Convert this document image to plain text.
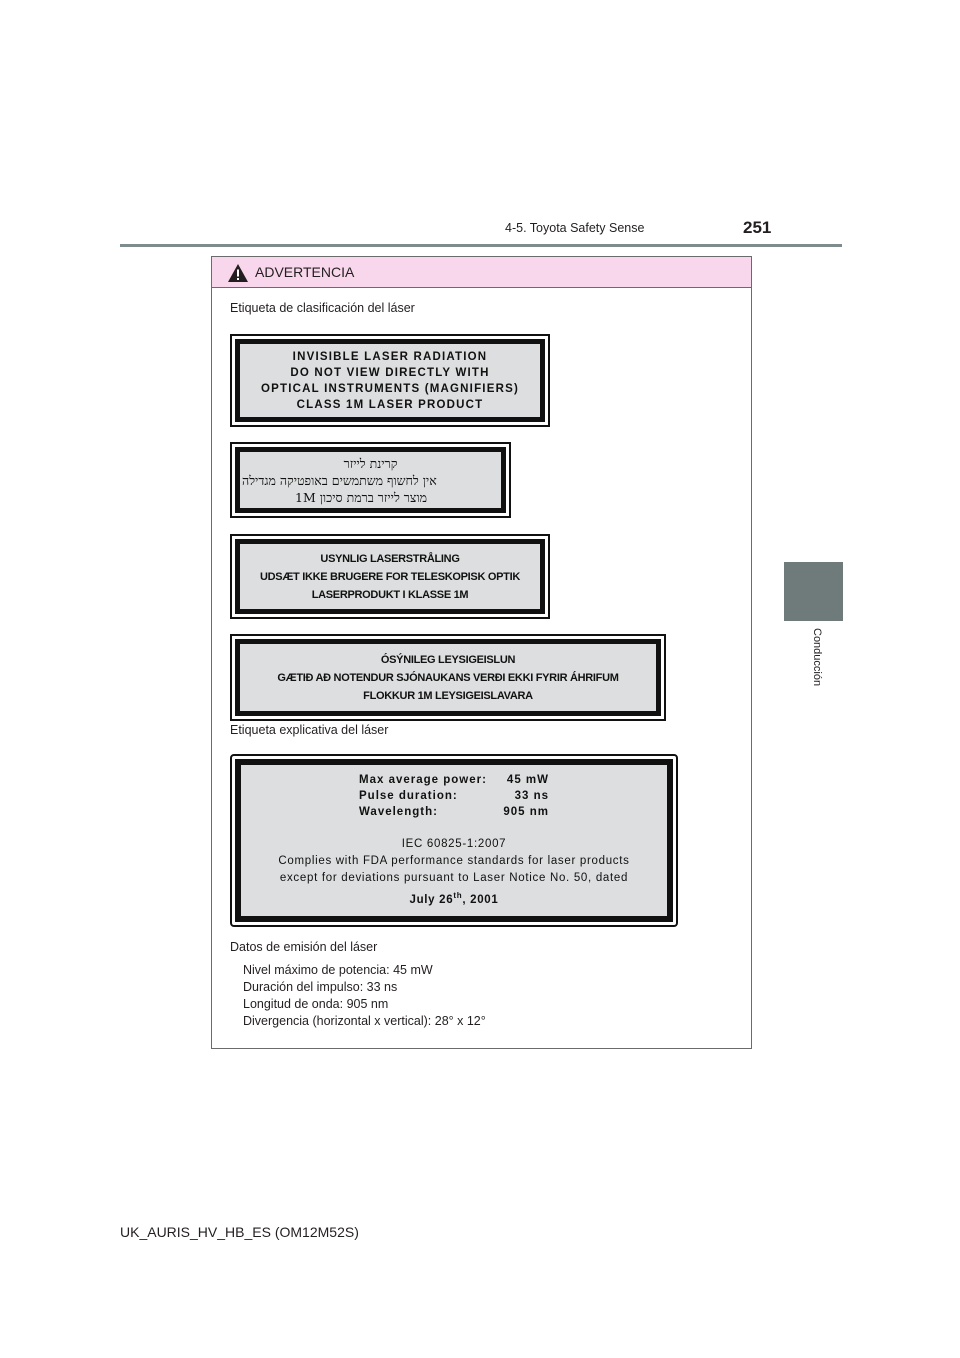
4-5. Toyota Safety Sense	251
4
Conducción
ADVERTENCIA
Etiqueta de clasificación del láser
INVISIBLE LASER RADIATION
DO NOT VIEW DIRECTLY WITH
OPTICAL INSTRUMENTS (MAGNIFIERS)
CLASS 1M LASER PRODUCT
קרינת לייזר
אין לחשוף משתמשים באופטיקה מגדילה
מוצר לייזר ברמת סיכון 1M
USYNLIG LASERSTRÅLING
UDSÆT IKKE BRUGERE FOR TELESKOPISK OPTIK
LASERPRODUKT I KLASSE 1M
ÓSÝNILEG LEYSIGEISLUN
GÆTIÐ AÐ NOTENDUR SJÓNAUKANS VERÐI EKKI FYRIR ÁHRIFUM
FLOKKUR 1M LEYSIGEISLAVARA
Etiqueta explicativa del láser
Max average power:	45 mW
Pulse duration:	33 ns
Wavelength:	905 nm
IEC 60825-1:2007
Complies with FDA performance standards for laser products
except for deviations pursuant to Laser Notice No. 50, dated
July 26th, 2001
Datos de emisión del láser
Nivel máximo de potencia: 45 mW
Duración del impulso: 33 ns
Longitud de onda: 905 nm
Divergencia (horizontal x vertical): 28° x 12°
UK_AURIS_HV_HB_ES (OM12M52S)
